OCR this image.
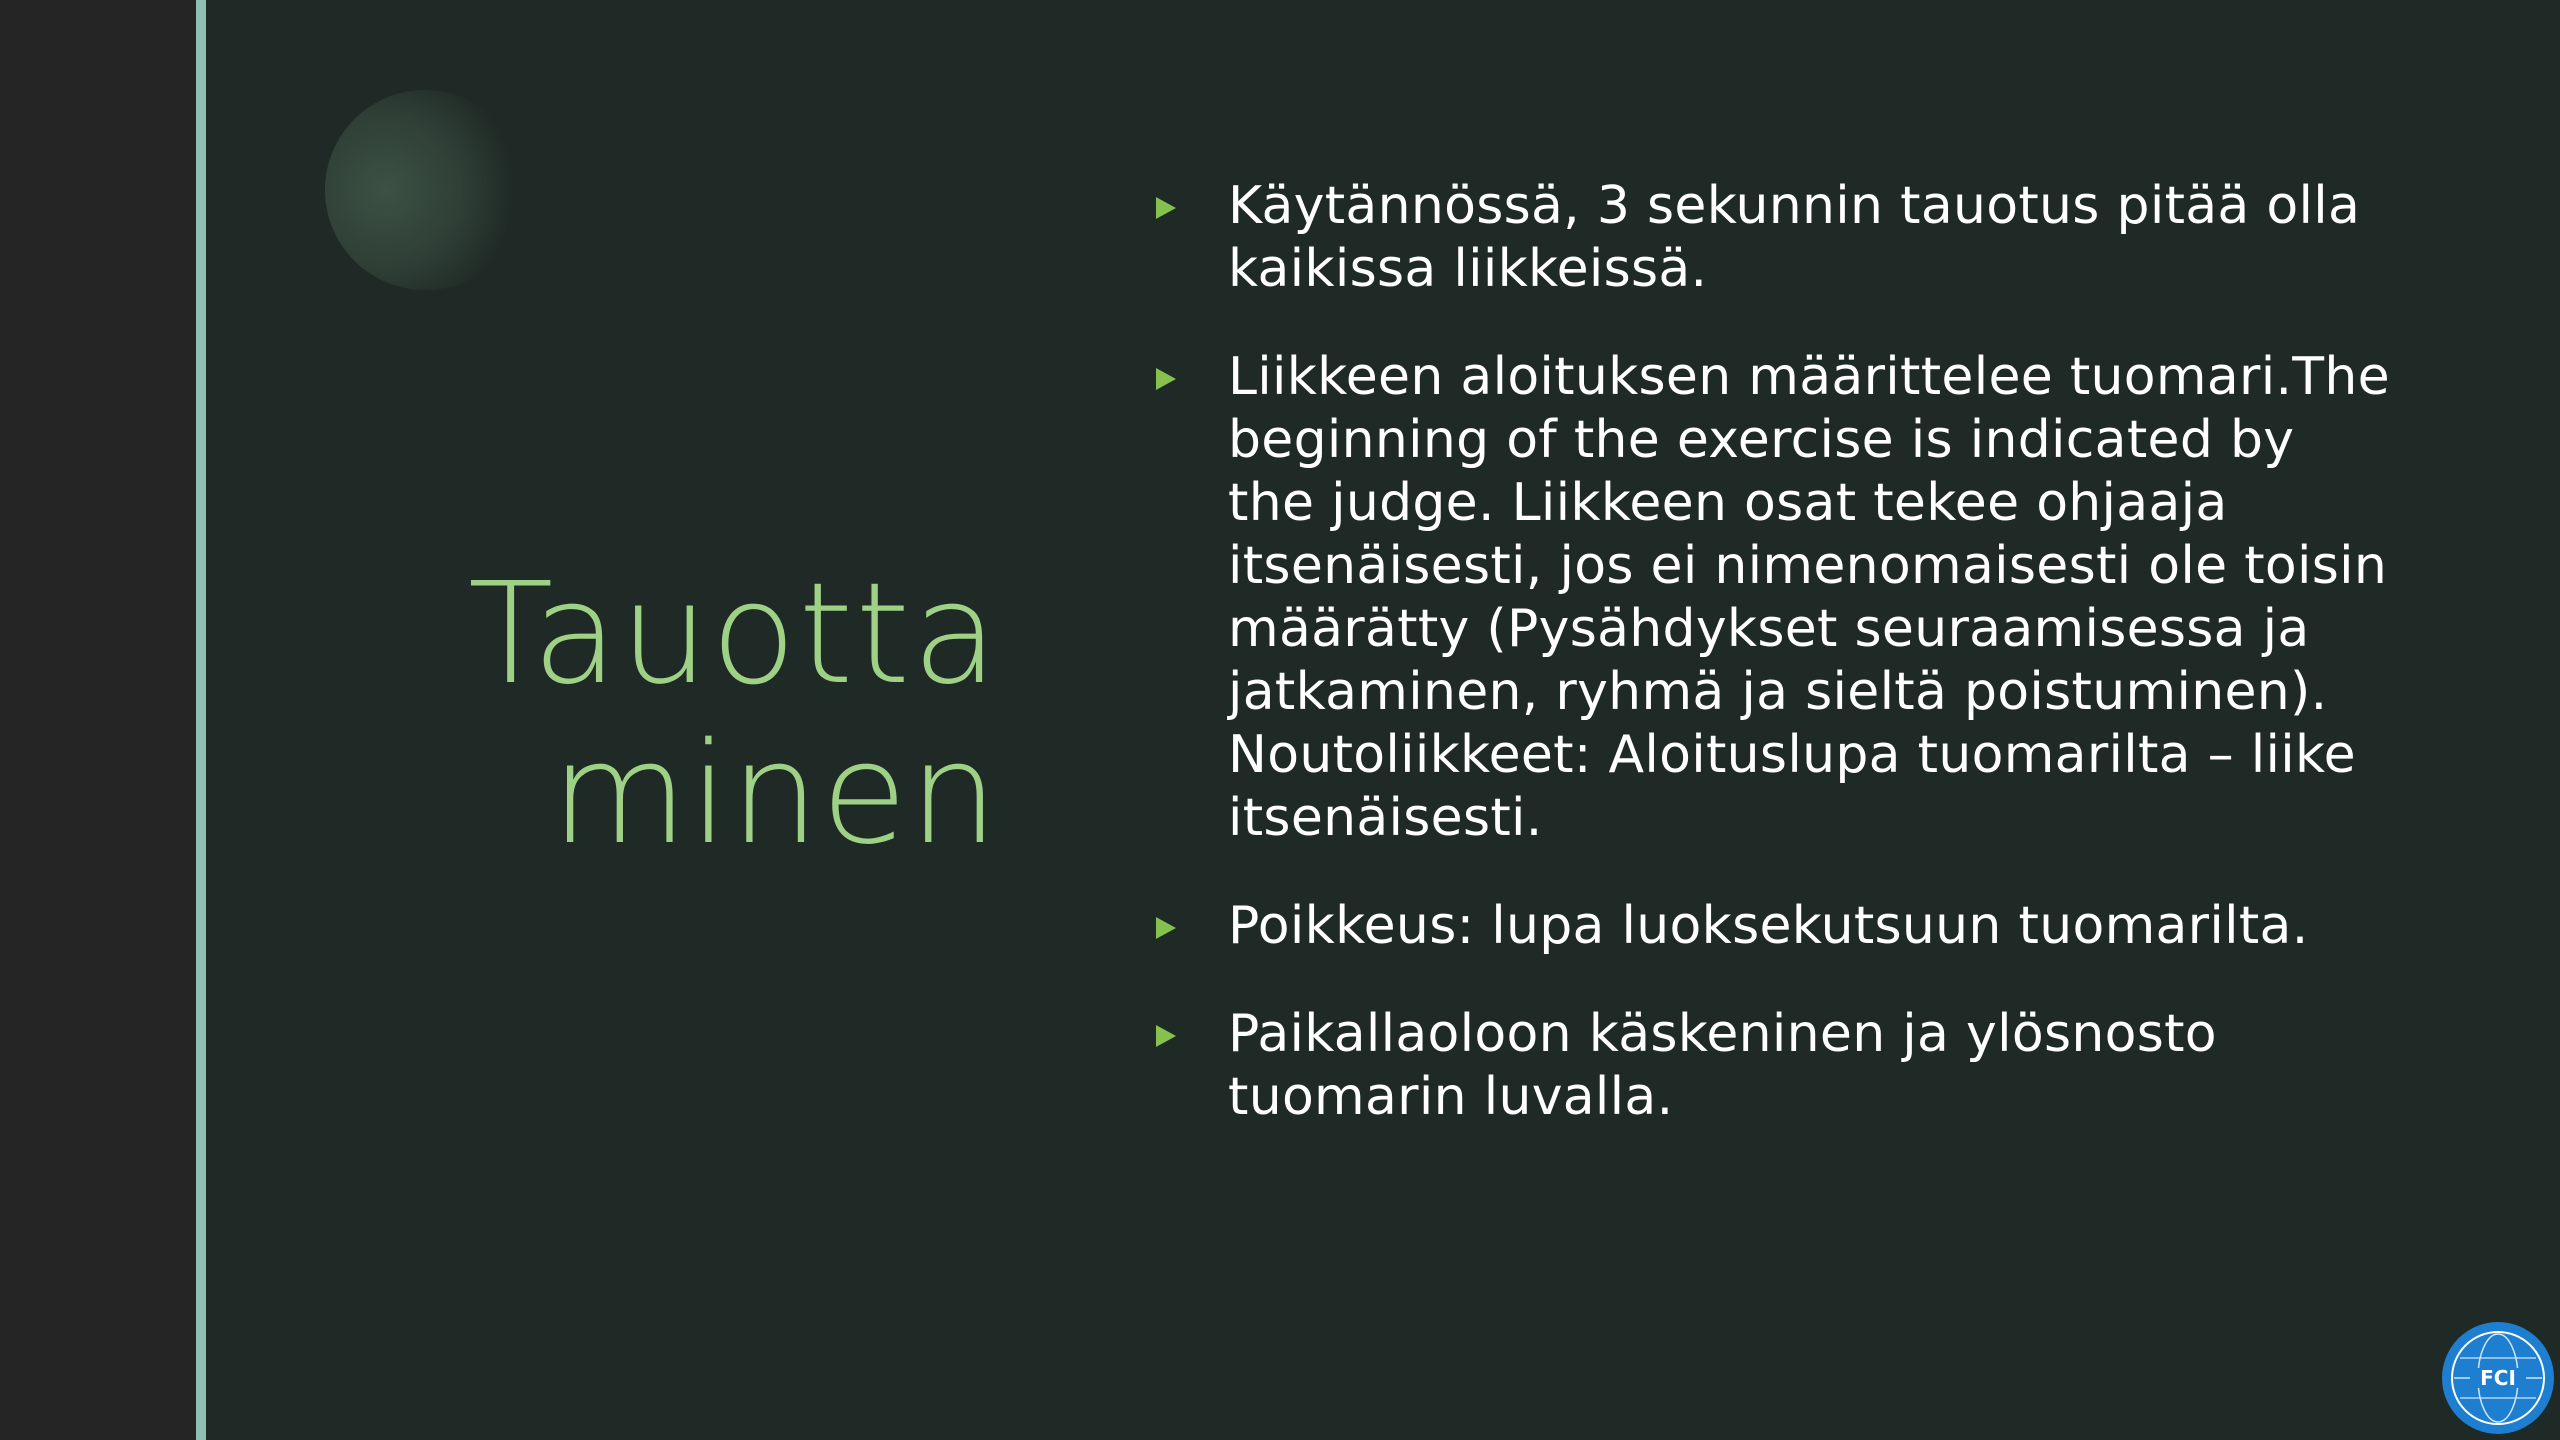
Tauotta
minen
Käytännössä, 3 sekunnin tauotus pitää olla kaikissa liikkeissä.
Liikkeen aloituksen määrittelee tuomari.The beginning of the exercise is indicated by the judge. Liikkeen osat tekee ohjaaja itsenäisesti, jos ei nimenomaisesti ole toisin määrätty (Pysähdykset seuraamisessa ja jatkaminen, ryhmä ja sieltä poistuminen). Noutoliikkeet: Aloituslupa tuomarilta – liike itsenäisesti.
Poikkeus: lupa luoksekutsuun tuomarilta.
Paikallaoloon käskeninen ja ylösnosto tuomarin luvalla.
FCI
